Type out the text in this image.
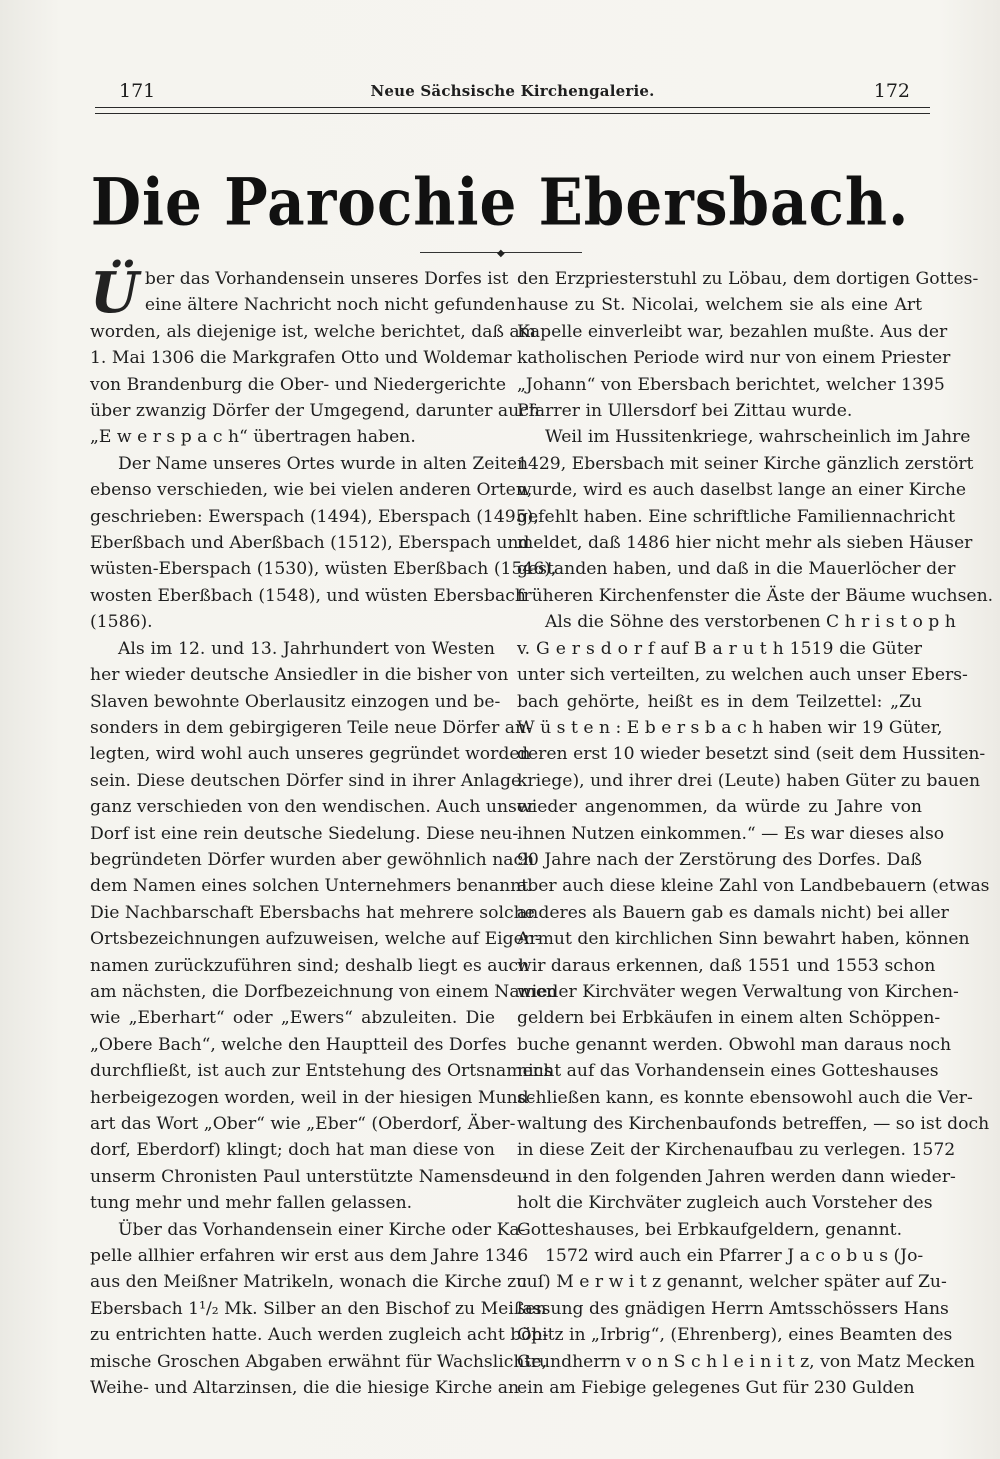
171	Neue Sächsische Kirchengalerie.	172
Die Parochie Ebersbach.
◆
Ü ber das Vorhandensein unseres Dorfes ist
eine ältere Nachricht noch nicht gefunden
worden, als diejenige ist, welche berichtet, daß am
1. Mai 1306 die Markgrafen Otto und Woldemar
von Brandenburg die Ober- und Niedergerichte
über zwanzig Dörfer der Umgegend, darunter auch
„E w e r s p a c h“ übertragen haben.
Der Name unseres Ortes wurde in alten Zeiten
ebenso verschieden, wie bei vielen anderen Orten,
geschrieben: Ewerspach (1494), Eberspach (1495),
Eberßbach und Aberßbach (1512), Eberspach und
wüsten-Eberspach (1530), wüsten Eberßbach (1546),
wosten Eberßbach (1548), und wüsten Ebersbach
(1586).
Als im 12. und 13. Jahrhundert von Westen
her wieder deutsche Ansiedler in die bisher von
Slaven bewohnte Oberlausitz einzogen und be-
sonders in dem gebirgigeren Teile neue Dörfer an-
legten, wird wohl auch unseres gegründet worden
sein. Diese deutschen Dörfer sind in ihrer Anlage
ganz verschieden von den wendischen. Auch unser
Dorf ist eine rein deutsche Siedelung. Diese neu-
begründeten Dörfer wurden aber gewöhnlich nach
dem Namen eines solchen Unternehmers benannt.
Die Nachbarschaft Ebersbachs hat mehrere solche
Ortsbezeichnungen aufzuweisen, welche auf Eigen-
namen zurückzuführen sind; deshalb liegt es auch
am nächsten, die Dorfbezeichnung von einem Namen
wie „Eberhart“ oder „Ewers“ abzuleiten. Die
„Obere Bach“, welche den Hauptteil des Dorfes
durchfließt, ist auch zur Entstehung des Ortsnamens
herbeigezogen worden, weil in der hiesigen Mund-
art das Wort „Ober“ wie „Eber“ (Oberdorf, Äber-
dorf, Eberdorf) klingt; doch hat man diese von
unserm Chronisten Paul unterstützte Namensdeu-
tung mehr und mehr fallen gelassen.
Über das Vorhandensein einer Kirche oder Ka-
pelle allhier erfahren wir erst aus dem Jahre 1346
aus den Meißner Matrikeln, wonach die Kirche zu
Ebersbach 1¹/₂ Mk. Silber an den Bischof zu Meißen
zu entrichten hatte. Auch werden zugleich acht böh-
mische Groschen Abgaben erwähnt für Wachslichte,
Weihe- und Altarzinsen, die die hiesige Kirche an
den Erzpriesterstuhl zu Löbau, dem dortigen Gottes-
hause zu St. Nicolai, welchem sie als eine Art
Kapelle einverleibt war, bezahlen mußte. Aus der
katholischen Periode wird nur von einem Priester
„Johann“ von Ebersbach berichtet, welcher 1395
Pfarrer in Ullersdorf bei Zittau wurde.
Weil im Hussitenkriege, wahrscheinlich im Jahre
1429, Ebersbach mit seiner Kirche gänzlich zerstört
wurde, wird es auch daselbst lange an einer Kirche
gefehlt haben. Eine schriftliche Familiennachricht
meldet, daß 1486 hier nicht mehr als sieben Häuser
gestanden haben, und daß in die Mauerlöcher der
früheren Kirchenfenster die Äste der Bäume wuchsen.
Als die Söhne des verstorbenen C h r i s t o p h
v. G e r s d o r f auf B a r u t h 1519 die Güter
unter sich verteilten, zu welchen auch unser Ebers-
bach gehörte, heißt es in dem Teilzettel: „Zu
W ü s t e n : E b e r s b a c h haben wir 19 Güter,
deren erst 10 wieder besetzt sind (seit dem Hussiten-
kriege), und ihrer drei (Leute) haben Güter zu bauen
wieder angenommen, da würde zu Jahre von
ihnen Nutzen einkommen.“ — Es war dieses also
90 Jahre nach der Zerstörung des Dorfes. Daß
aber auch diese kleine Zahl von Landbebauern (etwas
anderes als Bauern gab es damals nicht) bei aller
Armut den kirchlichen Sinn bewahrt haben, können
wir daraus erkennen, daß 1551 und 1553 schon
wieder Kirchväter wegen Verwaltung von Kirchen-
geldern bei Erbkäufen in einem alten Schöppen-
buche genannt werden. Obwohl man daraus noch
nicht auf das Vorhandensein eines Gotteshauses
schließen kann, es konnte ebensowohl auch die Ver-
waltung des Kirchenbaufonds betreffen, — so ist doch
in diese Zeit der Kirchenaufbau zu verlegen. 1572
und in den folgenden Jahren werden dann wieder-
holt die Kirchväter zugleich auch Vorsteher des
Gotteshauses, bei Erbkaufgeldern, genannt.
1572 wird auch ein Pfarrer J a c o b u s (Jo-
cuſ) M e r w i t z genannt, welcher später auf Zu-
lassung des gnädigen Herrn Amtsschössers Hans
Opitz in „Irbrig“, (Ehrenberg), eines Beamten des
Grundherrn v o n S c h l e i n i t z, von Matz Mecken
ein am Fiebige gelegenes Gut für 230 Gulden
